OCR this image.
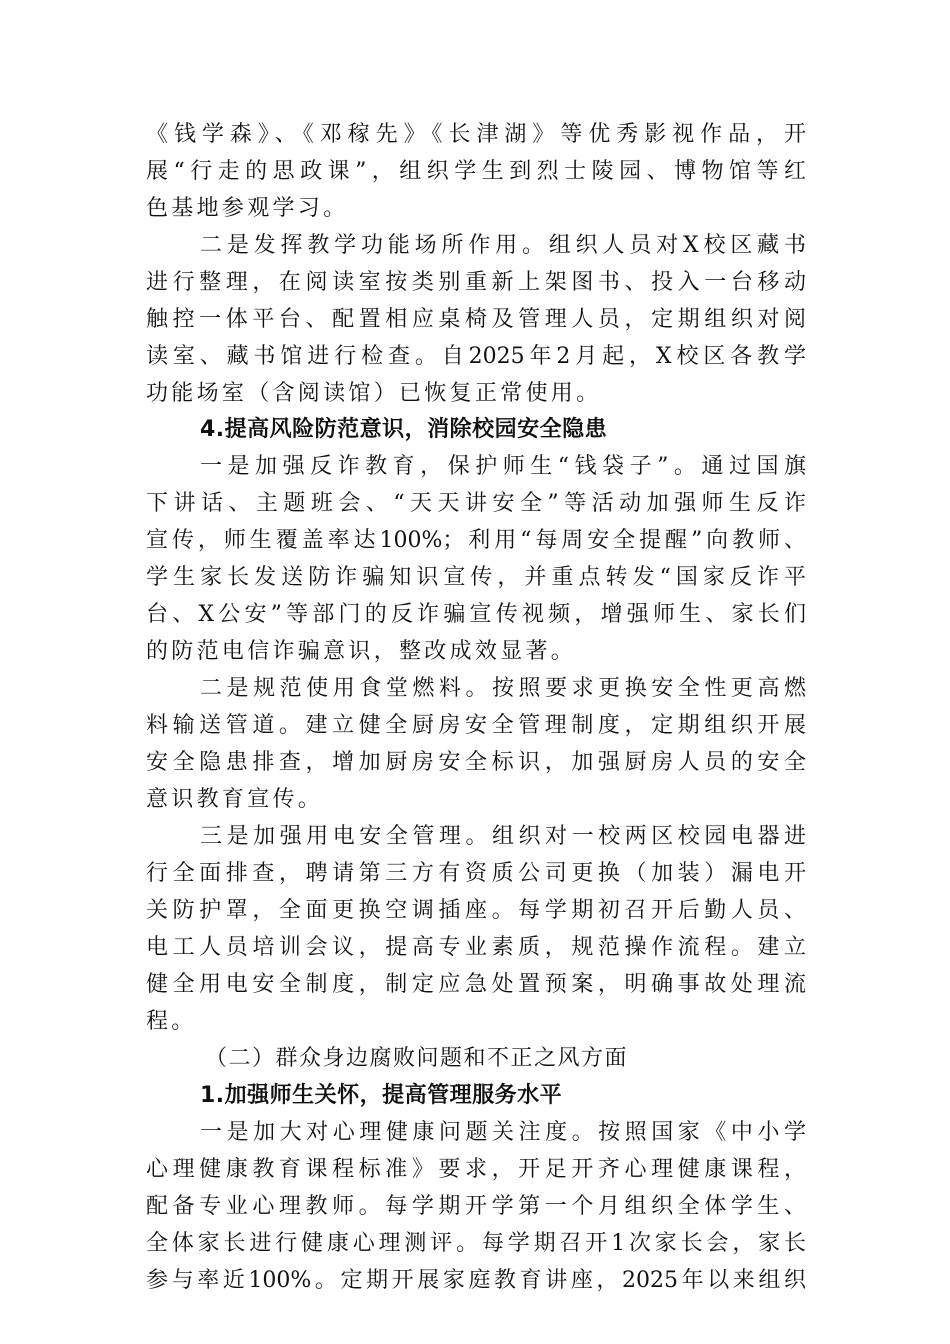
《钱学森》、《邓稼先》《长津湖》等优秀影视作品，开
展“行走的思政课”，组织学生到烈士陵园、博物馆等红
色基地参观学习。
二是发挥教学功能场所作用。组织人员对X校区藏书
进行整理，在阅读室按类别重新上架图书、投入一台移动
触控一体平台、配置相应桌椅及管理人员，定期组织对阅
读室、藏书馆进行检查。自2025年2月起，X校区各教学
功能场室（含阅读馆）已恢复正常使用。
4.提高风险防范意识，消除校园安全隐患
一是加强反诈教育，保护师生“钱袋子”。通过国旗
下讲话、主题班会、“天天讲安全”等活动加强师生反诈
宣传，师生覆盖率达100%；利用“每周安全提醒”向教师、
学生家长发送防诈骗知识宣传，并重点转发“国家反诈平
台、X公安”等部门的反诈骗宣传视频，增强师生、家长们
的防范电信诈骗意识，整改成效显著。
二是规范使用食堂燃料。按照要求更换安全性更高燃
料输送管道。建立健全厨房安全管理制度，定期组织开展
安全隐患排查，增加厨房安全标识，加强厨房人员的安全
意识教育宣传。
三是加强用电安全管理。组织对一校两区校园电器进
行全面排查，聘请第三方有资质公司更换（加装）漏电开
关防护罩，全面更换空调插座。每学期初召开后勤人员、
电工人员培训会议，提高专业素质，规范操作流程。建立
健全用电安全制度，制定应急处置预案，明确事故处理流
程。
（二）群众身边腐败问题和不正之风方面
1.加强师生关怀，提高管理服务水平
一是加大对心理健康问题关注度。按照国家《中小学
心理健康教育课程标准》要求，开足开齐心理健康课程，
配备专业心理教师。每学期开学第一个月组织全体学生、
全体家长进行健康心理测评。每学期召开1次家长会，家长
参与率近100%。定期开展家庭教育讲座，2025年以来组织
